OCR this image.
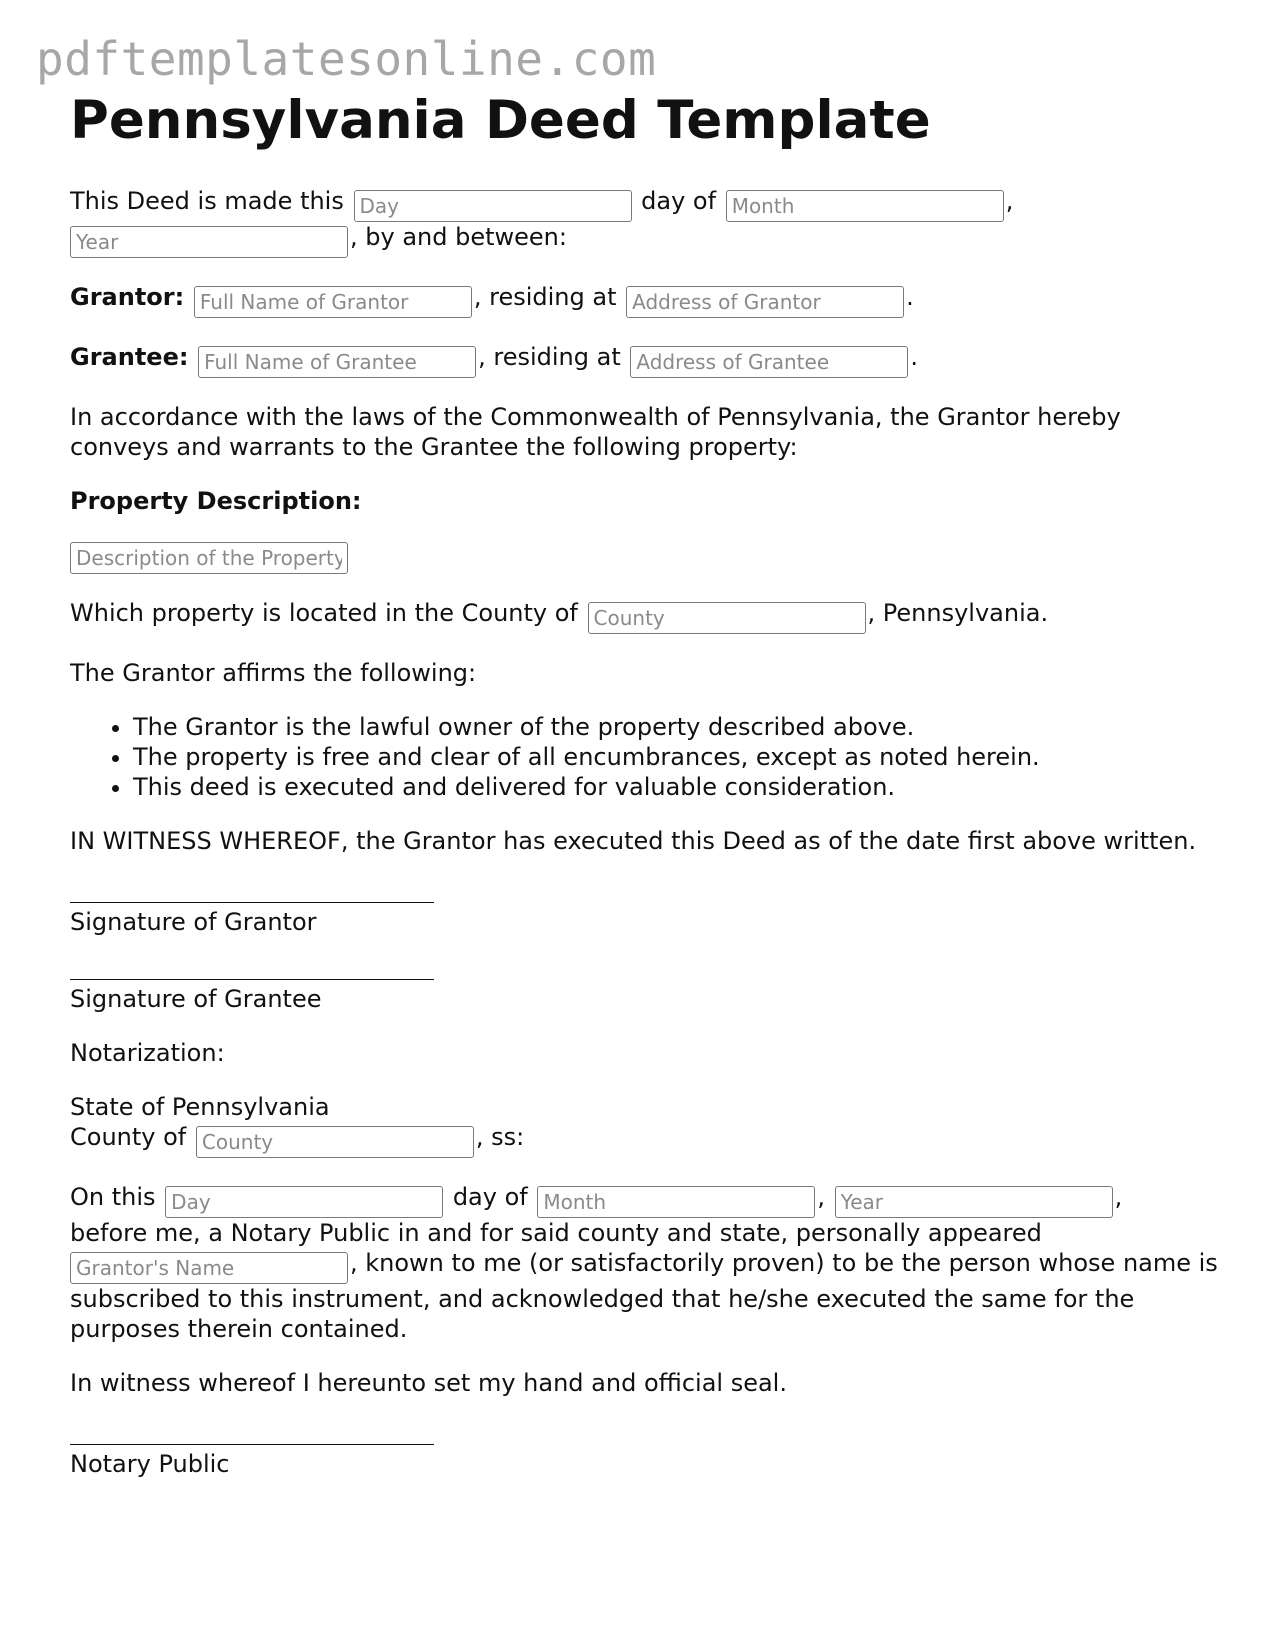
pdftemplatesonline.com
Pennsylvania Deed Template

This Deed is made this Day	day of Month	,
Year, by and between:

Grantor: Full Name of Grantor	, residing at Address of Grantor	.

Grantee: Full Name of Grantee	, residing at Address of Grantee	.

In accordance with the laws of the Commonwealth of Pennsylvania, the Grantor hereby conveys and warrants to the Grantee the following property:

Property Description:

Description of the Property

Which property is located in the County of County	, Pennsylvania.

The Grantor affirms the following:

• The Grantor is the lawful owner of the property described above.
• The property is free and clear of all encumbrances, except as noted herein.
• This deed is executed and delivered for valuable consideration.

IN WITNESS WHEREOF, the Grantor has executed this Deed as of the date first above written.

Signature of Grantor
Signature of Grantee

Notarization:

State of Pennsylvania
County of County	, ss:

On this Day	day of Month	, Year	,
before me, a Notary Public in and for said county and state, personally appeared
Grantor's Name, known to me (or satisfactorily proven) to be the person whose name is subscribed to this instrument, and acknowledged that he/she executed the same for the purposes therein contained.

In witness whereof I hereunto set my hand and official seal.

Notary Public
